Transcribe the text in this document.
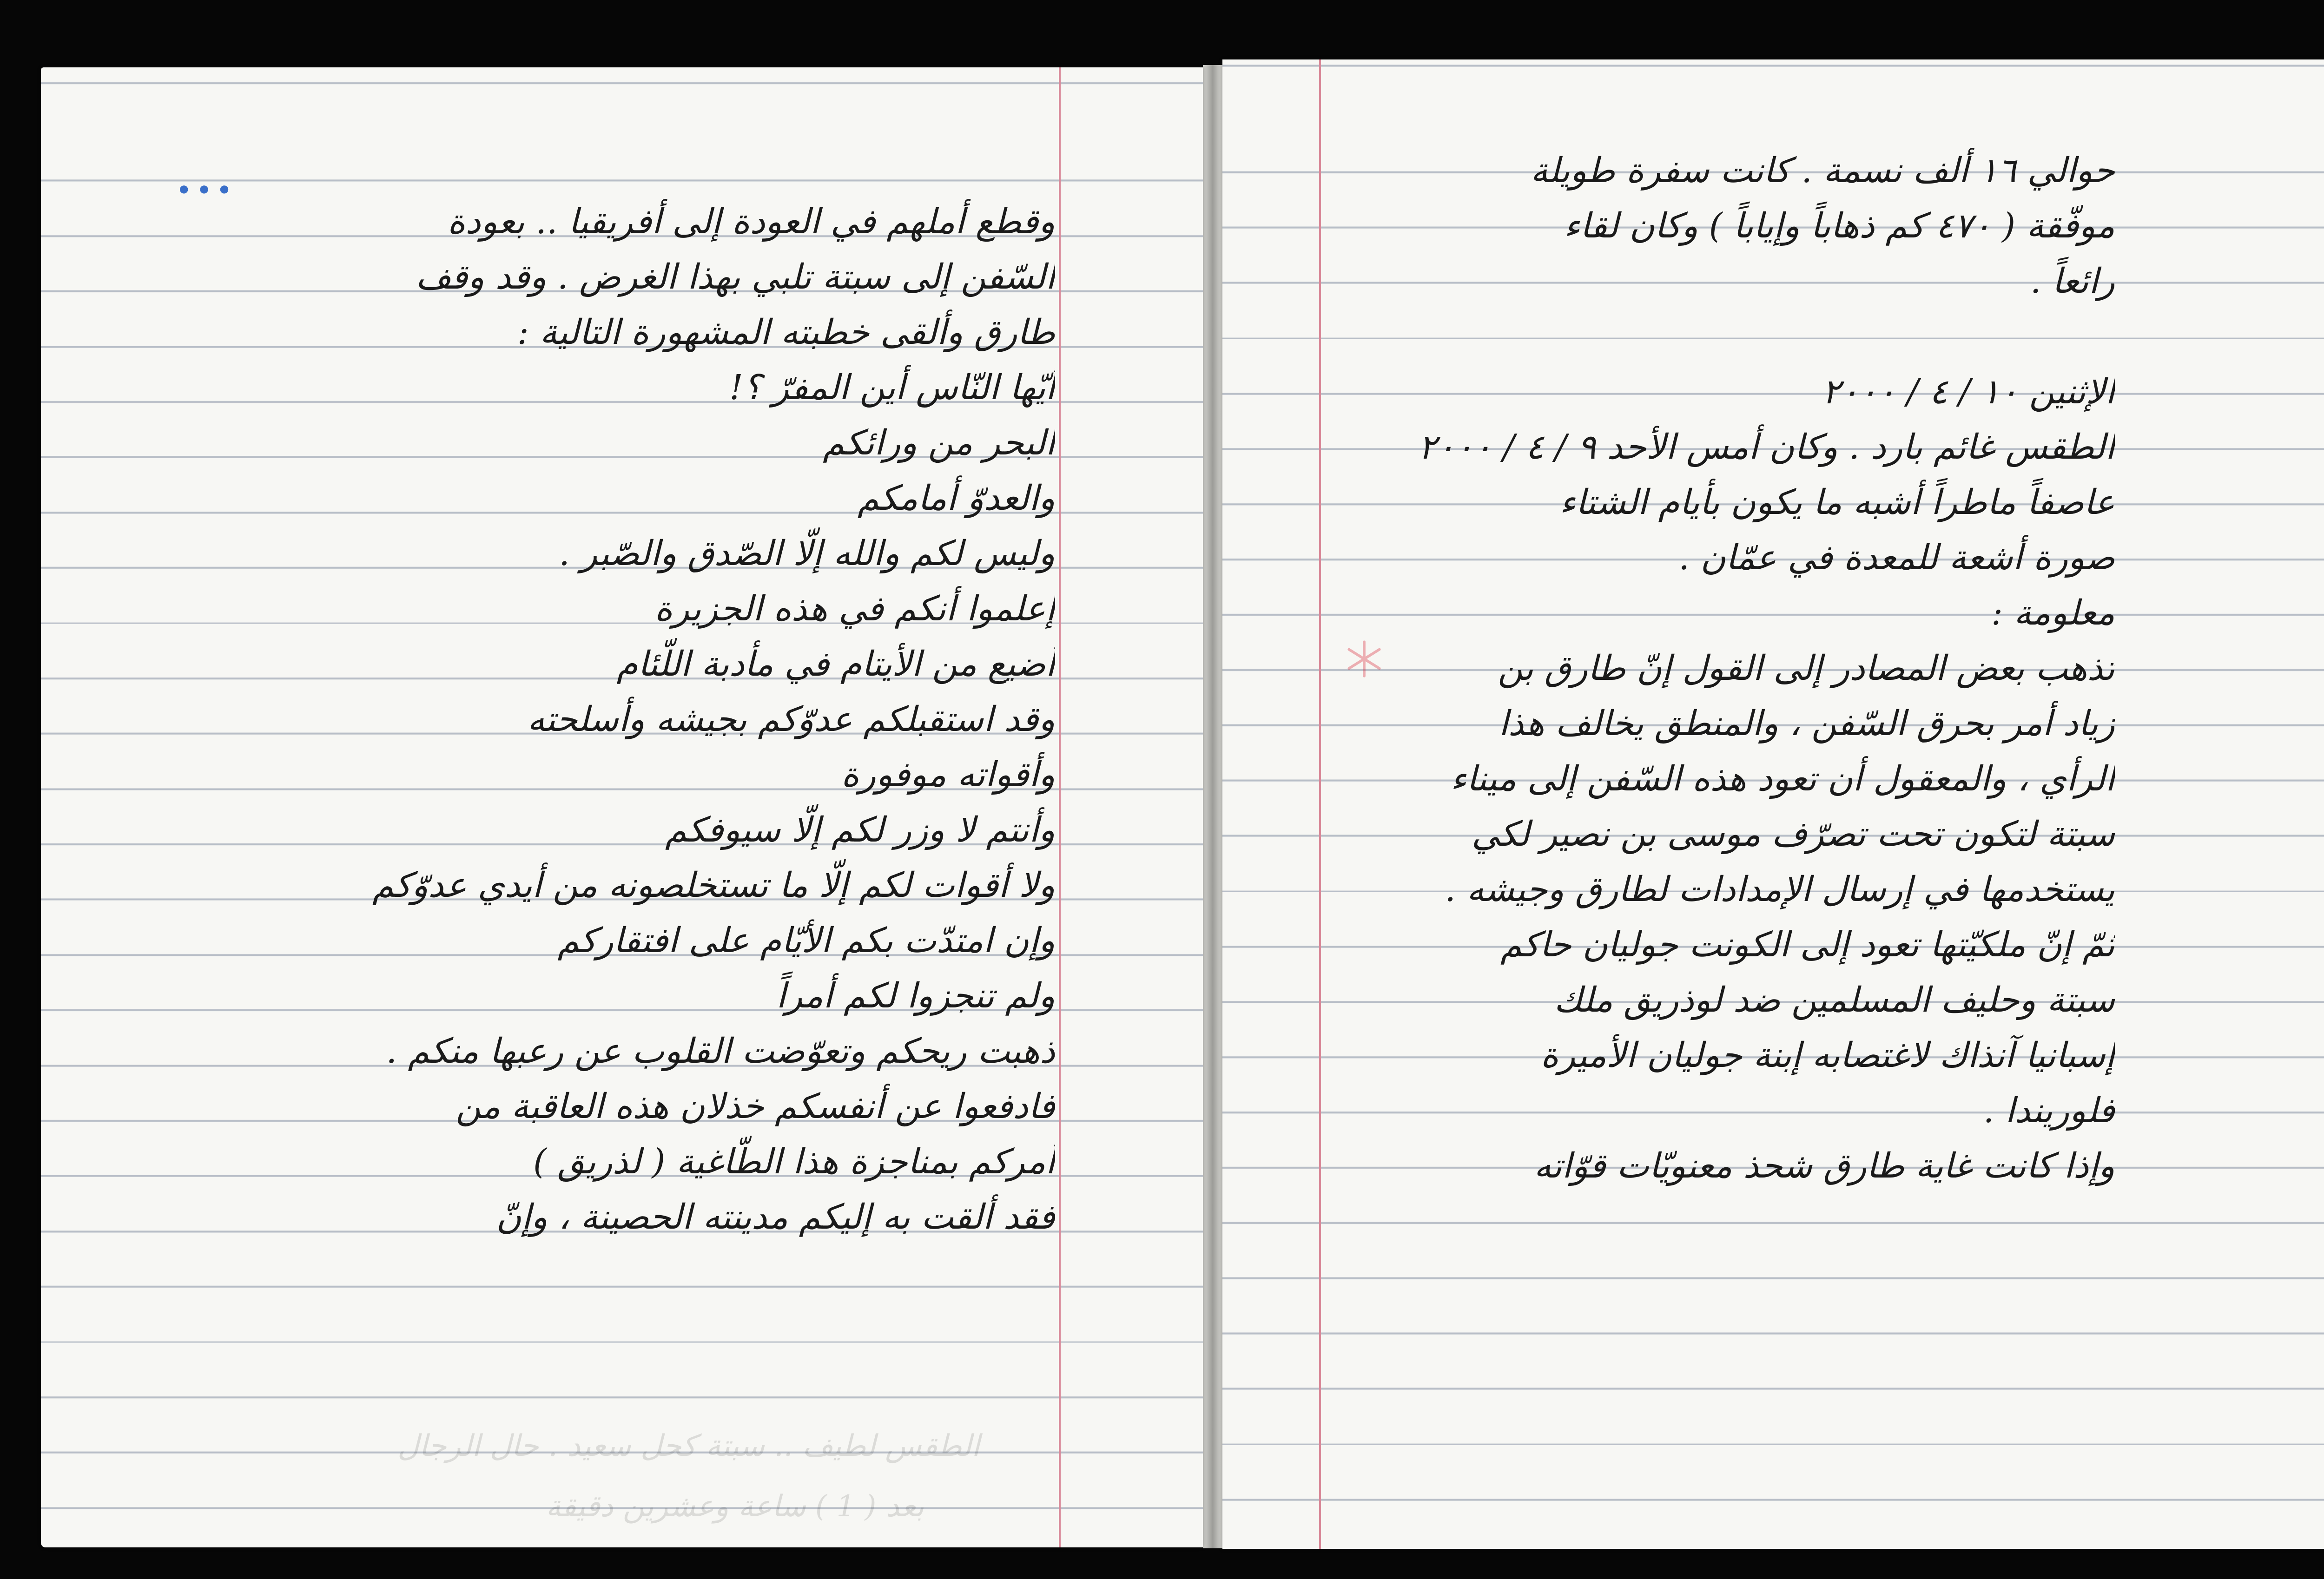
•••
الطقس لطيف .. سبتة كحل سعيد . حال الرجال
بعد ( 1 ) ساعة وعشرين دقيقة
وقطع أملهم في العودة إلى أفريقيا .. بعودة
السّفن إلى سبتة تلبي بهذا الغرض . وقد وقف
طارق وألقى خطبته المشهورة التالية :
أيّها النّاس أين المفرّ ؟!
البحر من ورائكم
والعدوّ أمامكم
وليس لكم والله إلّا الصّدق والصّبر .
إعلموا أنكم في هذه الجزيرة
أضيع من الأيتام في مأدبة اللّئام
وقد استقبلكم عدوّكم بجيشه وأسلحته
وأقواته موفورة
وأنتم لا وزر لكم إلّا سيوفكم
ولا أقوات لكم إلّا ما تستخلصونه من أيدي عدوّكم
وإن امتدّت بكم الأيّام على افتقاركم
ولم تنجزوا لكم أمراً
ذهبت ريحكم وتعوّضت القلوب عن رعبها منكم .
فادفعوا عن أنفسكم خذلان هذه العاقبة من
أمركم بمناجزة هذا الطّاغية ( لذريق )
فقد ألقت به إليكم مدينته الحصينة ، وإنّ
حوالي ١٦ ألف نسمة . كانت سفرة طويلة
موفّقة ( ٤٧٠ كم ذهاباً وإياباً ) وكان لقاء
رائعاً .
الإثنين ١٠ / ٤ / ٢٠٠٠
الطقس غائم بارد . وكان أمس الأحد ٩ / ٤ / ٢٠٠٠
عاصفاً ماطراً أشبه ما يكون بأيام الشتاء
صورة أشعة للمعدة في عمّان .
معلومة :
تذهب بعض المصادر إلى القول إنّ طارق بن
زياد أمر بحرق السّفن ، والمنطق يخالف هذا
الرأي ، والمعقول أن تعود هذه السّفن إلى ميناء
سبتة لتكون تحت تصرّف موسى بن نصير لكي
يستخدمها في إرسال الإمدادات لطارق وجيشه .
ثمّ إنّ ملكيّتها تعود إلى الكونت جوليان حاكم
سبتة وحليف المسلمين ضد لوذريق ملك
إسبانيا آنذاك لاغتصابه إبنة جوليان الأميرة
فلوريندا .
وإذا كانت غاية طارق شحذ معنويّات قوّاته
